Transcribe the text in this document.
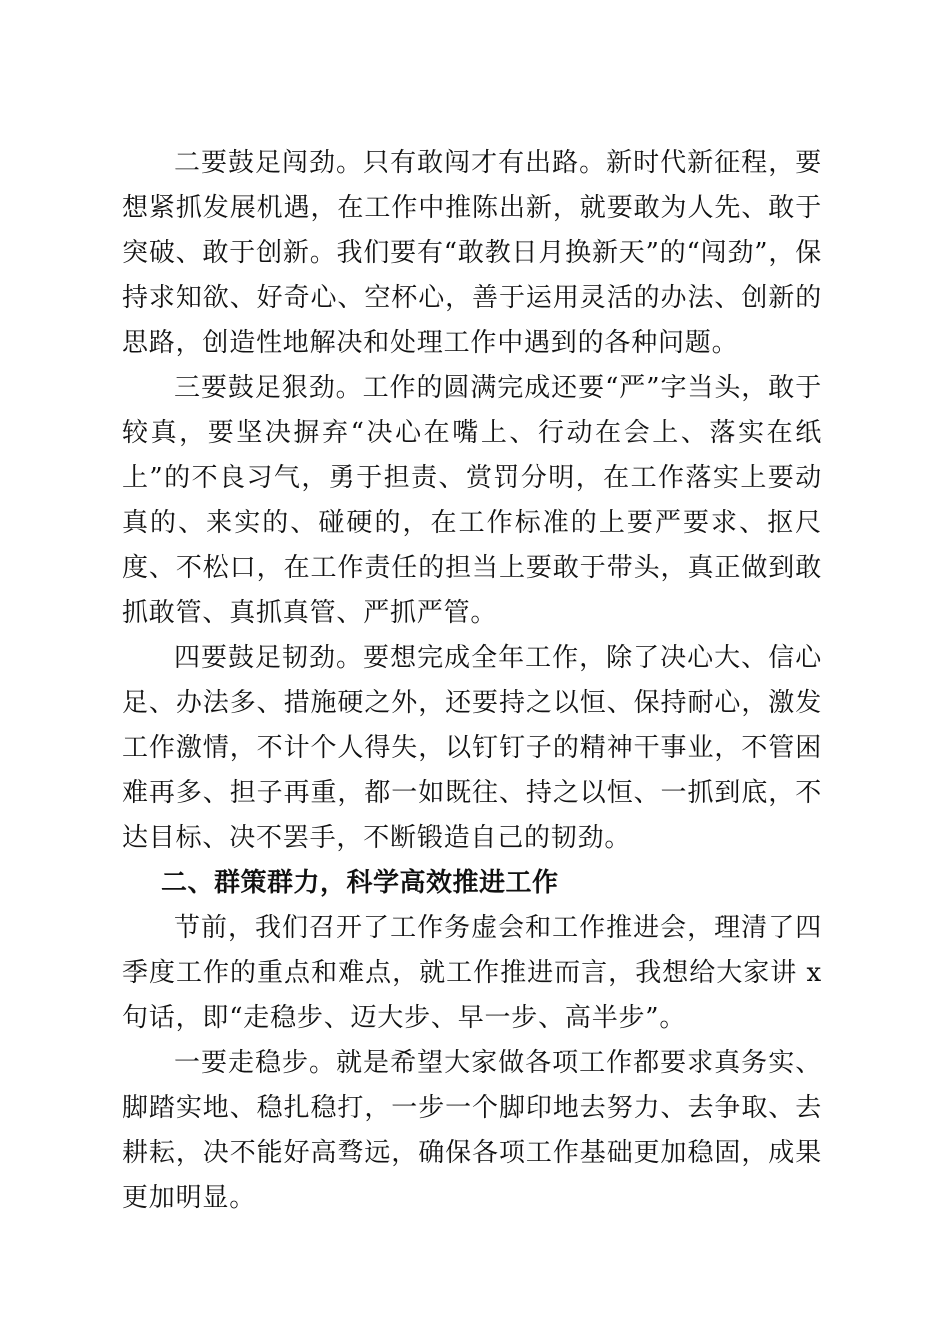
二要鼓足闯劲。只有敢闯才有出路。新时代新征程，要想紧抓发展机遇，在工作中推陈出新，就要敢为人先、敢于突破、敢于创新。我们要有“敢教日月换新天”的“闯劲”，保持求知欲、好奇心、空杯心，善于运用灵活的办法、创新的思路，创造性地解决和处理工作中遇到的各种问题。

三要鼓足狠劲。工作的圆满完成还要“严”字当头，敢于较真，要坚决摒弃“决心在嘴上、行动在会上、落实在纸上”的不良习气，勇于担责、赏罚分明，在工作落实上要动真的、来实的、碰硬的，在工作标准的上要严要求、抠尺度、不松口，在工作责任的担当上要敢于带头，真正做到敢抓敢管、真抓真管、严抓严管。

四要鼓足韧劲。要想完成全年工作，除了决心大、信心足、办法多、措施硬之外，还要持之以恒、保持耐心，激发工作激情，不计个人得失，以钉钉子的精神干事业，不管困难再多、担子再重，都一如既往、持之以恒、一抓到底，不达目标、决不罢手，不断锻造自己的韧劲。

二、群策群力，科学高效推进工作

节前，我们召开了工作务虚会和工作推进会，理清了四季度工作的重点和难点，就工作推进而言，我想给大家讲 x 句话，即“走稳步、迈大步、早一步、高半步”。

一要走稳步。就是希望大家做各项工作都要求真务实、脚踏实地、稳扎稳打，一步一个脚印地去努力、去争取、去耕耘，决不能好高骛远，确保各项工作基础更加稳固，成果更加明显。
